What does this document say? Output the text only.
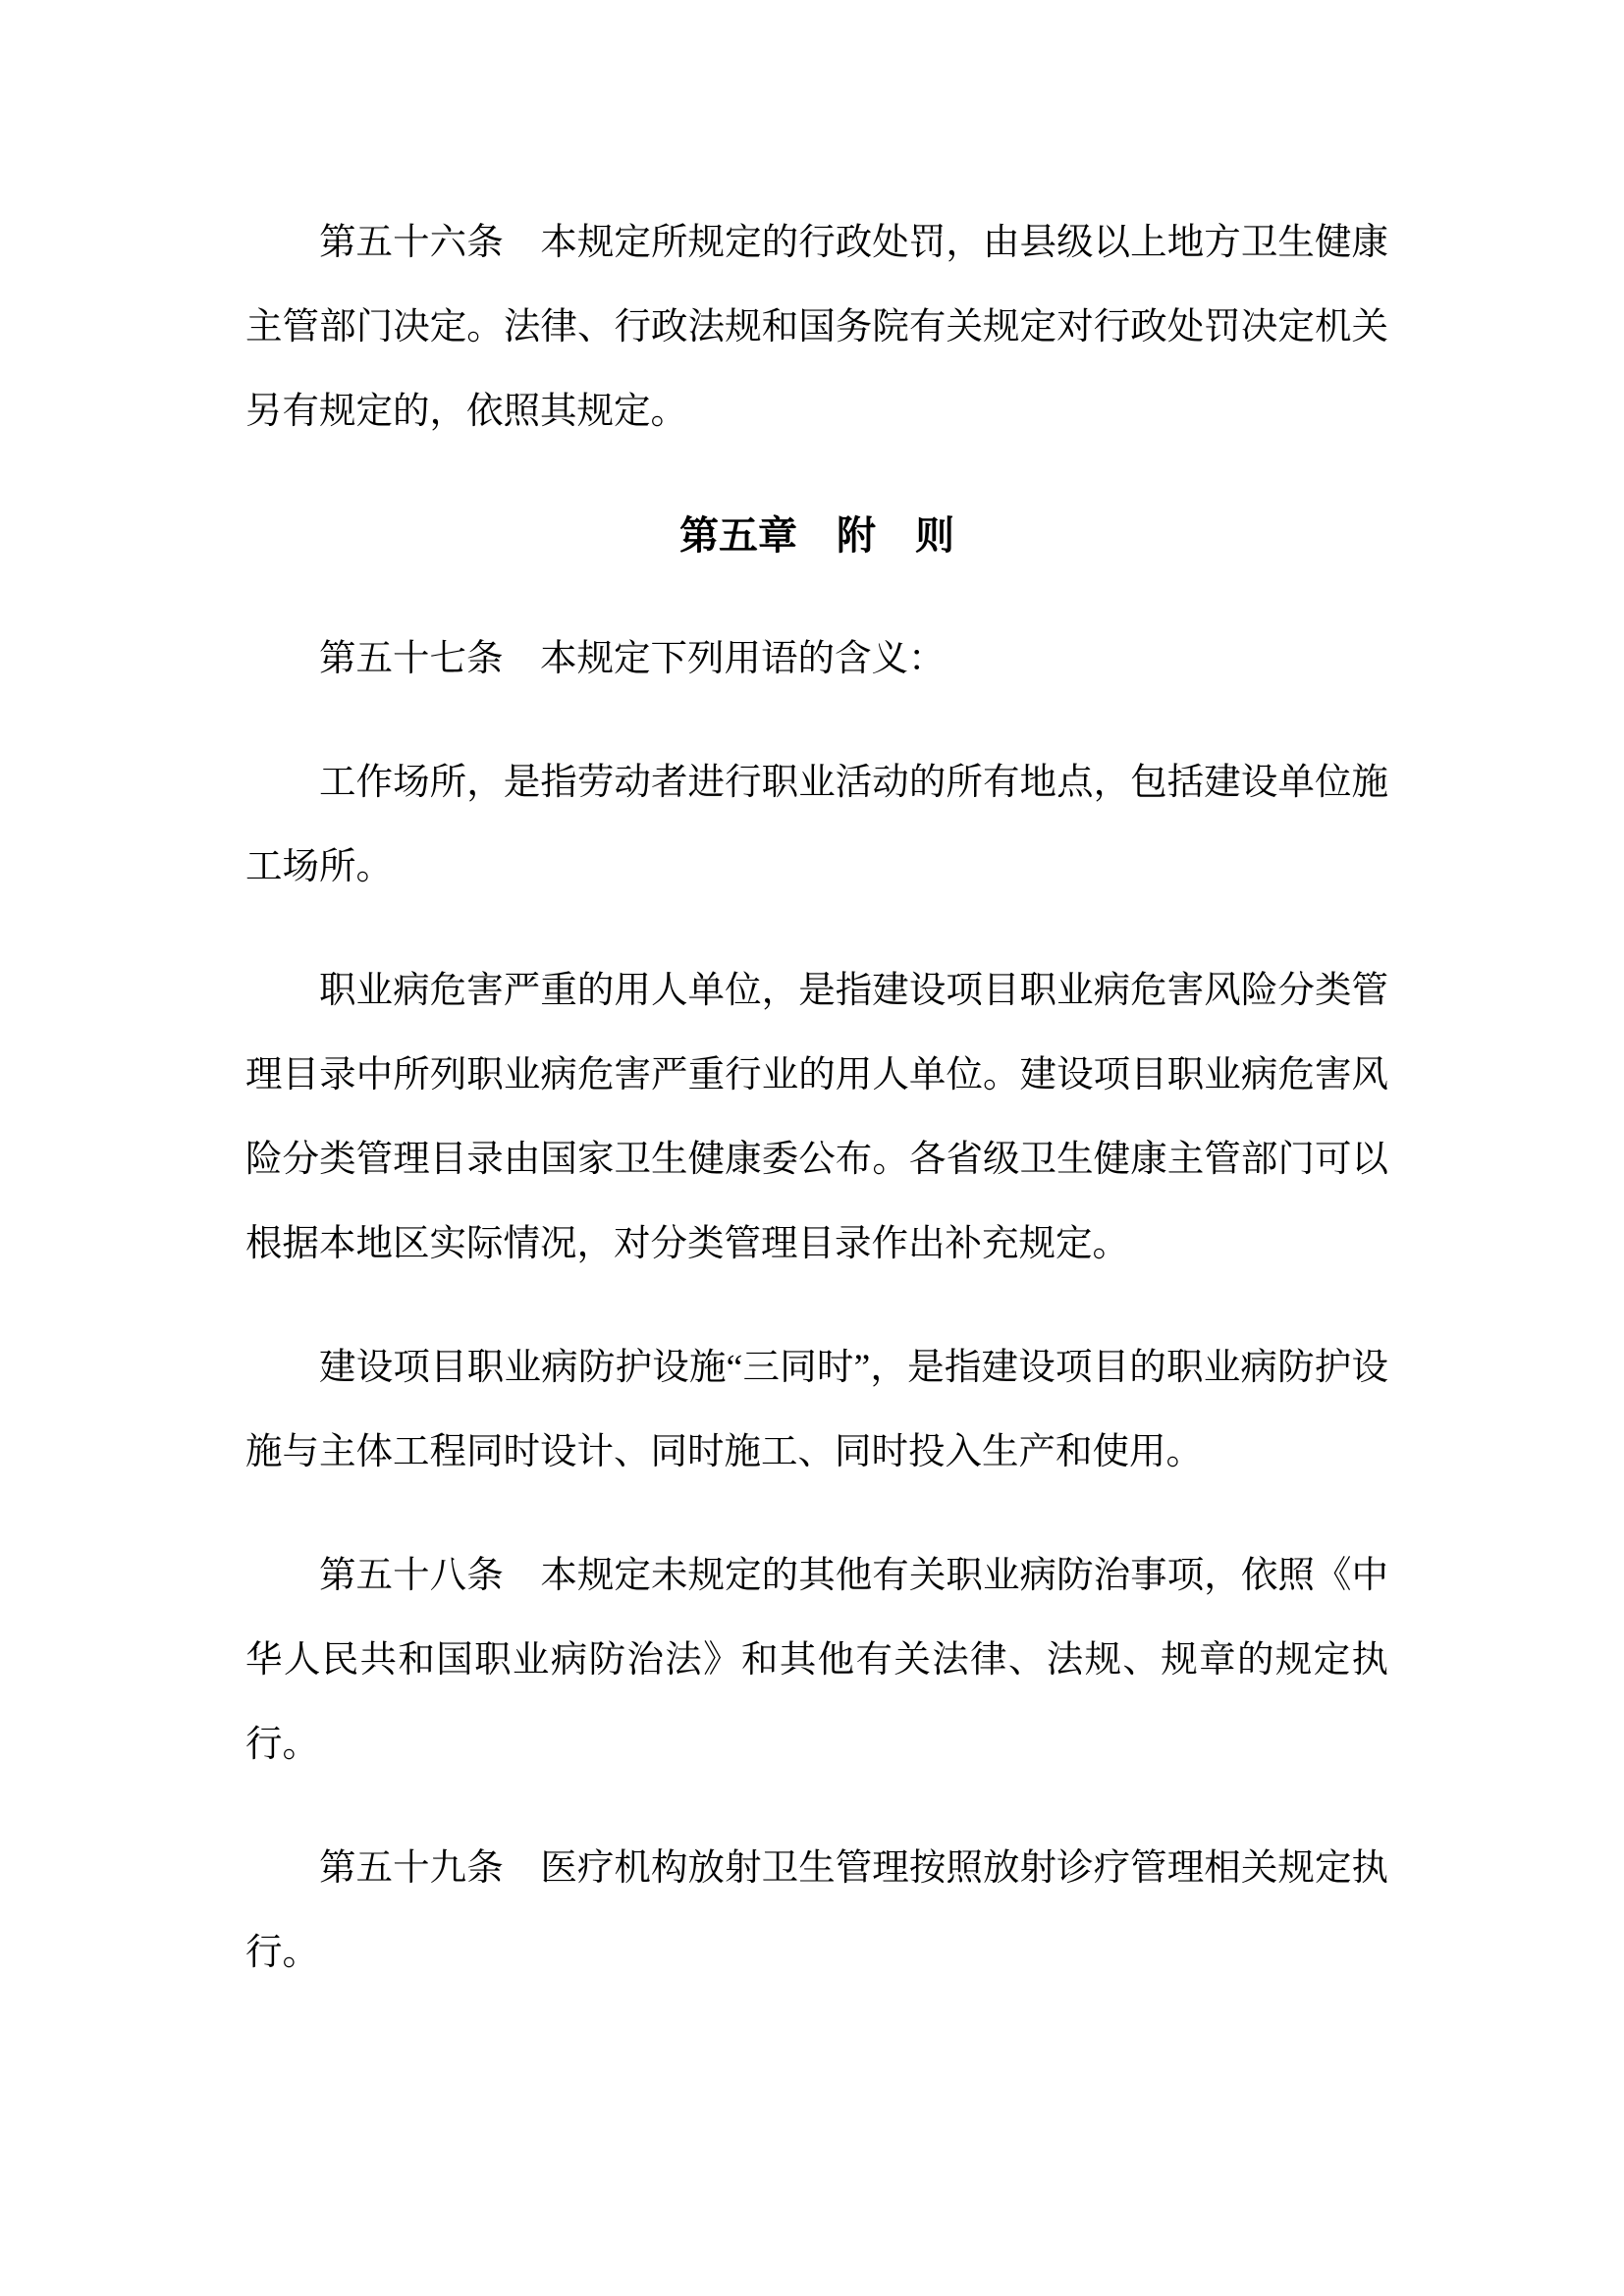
第五十六条　本规定所规定的行政处罚，由县级以上地方卫生健康主管部门决定。法律、行政法规和国务院有关规定对行政处罚决定机关另有规定的，依照其规定。

第五章　附　则

第五十七条　本规定下列用语的含义：

工作场所，是指劳动者进行职业活动的所有地点，包括建设单位施工场所。

职业病危害严重的用人单位，是指建设项目职业病危害风险分类管理目录中所列职业病危害严重行业的用人单位。建设项目职业病危害风险分类管理目录由国家卫生健康委公布。各省级卫生健康主管部门可以根据本地区实际情况，对分类管理目录作出补充规定。

建设项目职业病防护设施“三同时”，是指建设项目的职业病防护设施与主体工程同时设计、同时施工、同时投入生产和使用。

第五十八条　本规定未规定的其他有关职业病防治事项，依照《中华人民共和国职业病防治法》和其他有关法律、法规、规章的规定执行。

第五十九条　医疗机构放射卫生管理按照放射诊疗管理相关规定执行。
